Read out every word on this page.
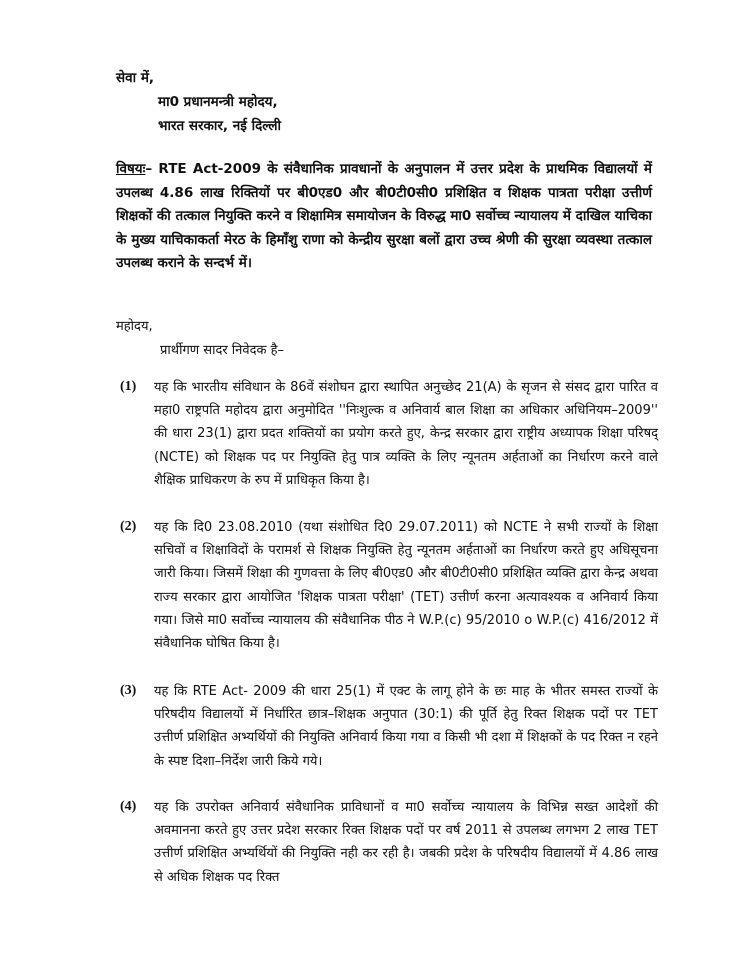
सेवा में,
मा0 प्रधानमन्त्री महोदय,
भारत सरकार, नई दिल्ली
विषयः– RTE Act-2009 के संवैधानिक प्रावधानों के अनुपालन में उत्तर प्रदेश के प्राथमिक विद्यालयों में उपलब्ध 4.86 लाख रिक्तियों पर बी0एड0 और बी0टी0सी0 प्रशिक्षित व शिक्षक पात्रता परीक्षा उत्तीर्ण शिक्षकों की तत्काल नियुक्ति करने व शिक्षामित्र समायोजन के विरुद्ध मा0 सर्वोच्च न्यायालय में दाखिल याचिका के मुख्य याचिकाकर्ता मेरठ के हिमाँशु राणा को केन्द्रीय सुरक्षा बलों द्वारा उच्च श्रेणी की सुरक्षा व्यवस्था तत्काल उपलब्ध कराने के सन्दर्भ में।
महोदय,
प्रार्थीगण सादर निवेदक है–
(1) यह कि भारतीय संविधान के 86वें संशोघन द्वारा स्थापित अनुच्छेद 21(A) के सृजन से संसद द्वारा पारित व महा0 राष्ट्रपति महोदय द्वारा अनुमोदित ''निःशुल्क व अनिवार्य बाल शिक्षा का अधिकार अधिनियम–2009'' की धारा 23(1) द्वारा प्रदत शक्तियों का प्रयोग करते हुए, केन्द्र सरकार द्वारा राष्ट्रीय अध्यापक शिक्षा परिषद् (NCTE) को शिक्षक पद पर नियुक्ति हेतु पात्र व्यक्ति के लिए न्यूनतम अर्हताओं का निर्धारण करने वाले शैक्षिक प्राधिकरण के रुप में प्राधिकृत किया है।
(2) यह कि दि0 23.08.2010 (यथा संशोधित दि0 29.07.2011) को NCTE ने सभी राज्यों के शिक्षा सचिवों व शिक्षाविदों के परामर्श से शिक्षक नियुक्ति हेतु न्यूनतम अर्हताओं का निर्धारण करते हुए अधिसूचना जारी किया। जिसमें शिक्षा की गुणवत्ता के लिए बी0एड0 और बी0टी0सी0 प्रशिक्षित व्यक्ति द्वारा केन्द्र अथवा राज्य सरकार द्वारा आयोजित 'शिक्षक पात्रता परीक्षा' (TET) उत्तीर्ण करना अत्यावश्यक व अनिवार्य किया गया। जिसे मा0 सर्वोच्च न्यायालय की संवैधानिक पीठ ने W.P.(c) 95/2010 o W.P.(c) 416/2012 में संवैधानिक घोषित किया है।
(3) यह कि RTE Act- 2009 की धारा 25(1) में एक्ट के लागू होने के छः माह के भीतर समस्त राज्यों के परिषदीय विद्यालयों में निर्धारित छात्र–शिक्षक अनुपात (30:1) की पूर्ति हेतु रिक्त शिक्षक पदों पर TET उत्तीर्ण प्रशिक्षित अभ्यर्थियों की नियुक्ति अनिवार्य किया गया व किसी भी दशा में शिक्षकों के पद रिक्त न रहने के स्पष्ट दिशा–निर्देश जारी किये गये।
(4) यह कि उपरोक्त अनिवार्य संवैधानिक प्राविधानों व मा0 सर्वोच्च न्यायालय के विभिन्न सख्त आदेशों की अवमानना करते हुए उत्तर प्रदेश सरकार रिक्त शिक्षक पदों पर वर्ष 2011 से उपलब्ध लगभग 2 लाख TET उत्तीर्ण प्रशिक्षित अभ्यर्थियों की नियुक्ति नही कर रही है। जबकी प्रदेश के परिषदीय विद्यालयों में 4.86 लाख से अधिक शिक्षक पद रिक्त
